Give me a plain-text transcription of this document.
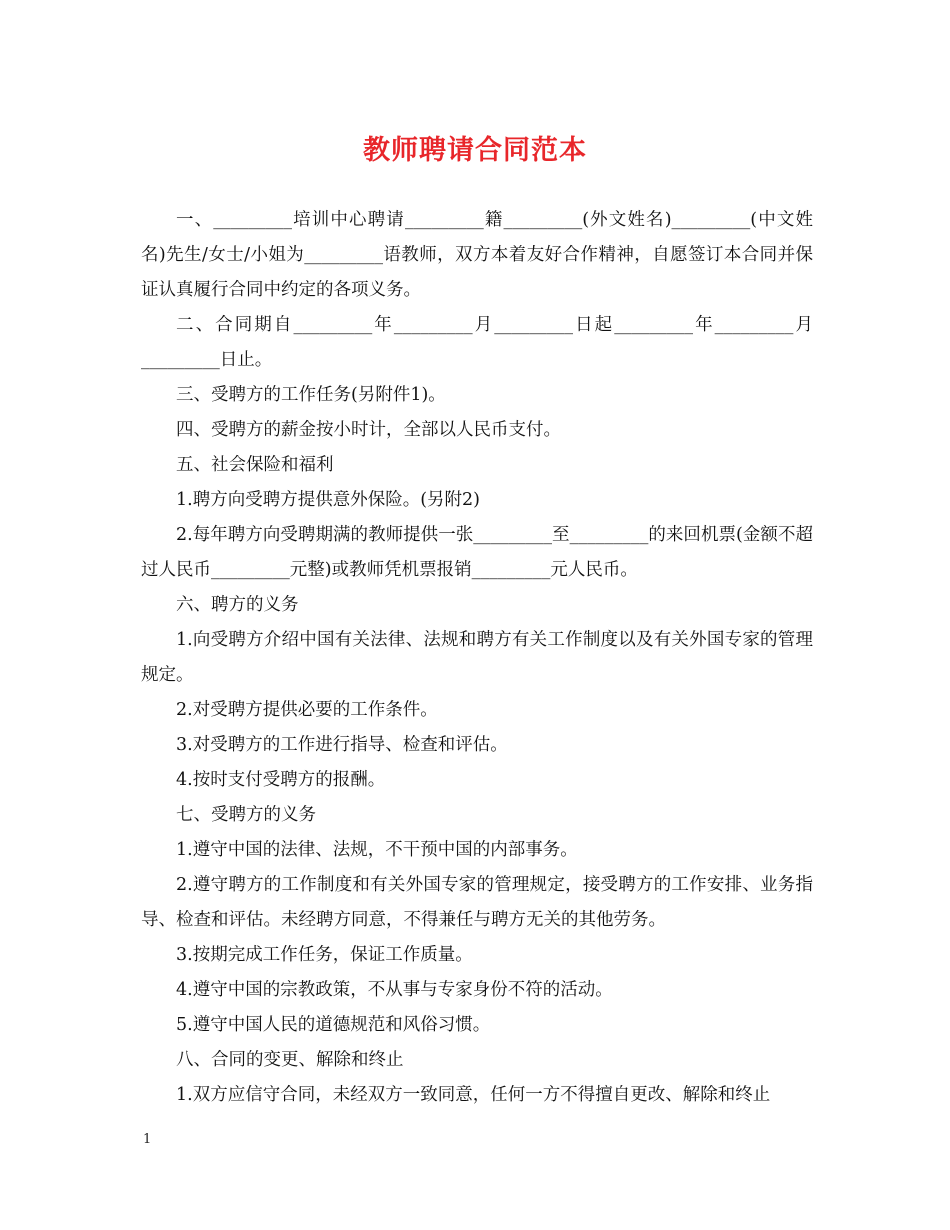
教师聘请合同范本

一、_________培训中心聘请_________籍_________(外文姓名)_________(中文姓名)先生/女士/小姐为_________语教师，双方本着友好合作精神，自愿签订本合同并保证认真履行合同中约定的各项义务。

二、合同期自_________年_________月_________日起_________年_________月_________日止。

三、受聘方的工作任务(另附件1)。

四、受聘方的薪金按小时计，全部以人民币支付。

五、社会保险和福利

1.聘方向受聘方提供意外保险。(另附2)

2.每年聘方向受聘期满的教师提供一张_________至_________的来回机票(金额不超过人民币_________元整)或教师凭机票报销_________元人民币。

六、聘方的义务

1.向受聘方介绍中国有关法律、法规和聘方有关工作制度以及有关外国专家的管理规定。

2.对受聘方提供必要的工作条件。

3.对受聘方的工作进行指导、检查和评估。

4.按时支付受聘方的报酬。

七、受聘方的义务

1.遵守中国的法律、法规，不干预中国的内部事务。

2.遵守聘方的工作制度和有关外国专家的管理规定，接受聘方的工作安排、业务指导、检查和评估。未经聘方同意，不得兼任与聘方无关的其他劳务。

3.按期完成工作任务，保证工作质量。

4.遵守中国的宗教政策，不从事与专家身份不符的活动。

5.遵守中国人民的道德规范和风俗习惯。

八、合同的变更、解除和终止

1.双方应信守合同，未经双方一致同意，任何一方不得擅自更改、解除和终止

1
